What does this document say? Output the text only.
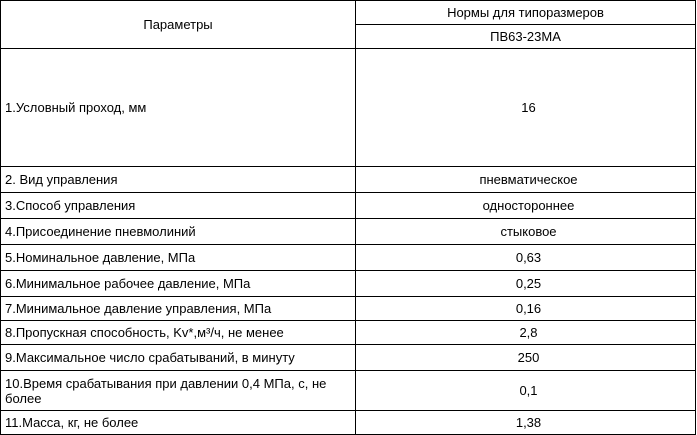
Параметры
Нормы для типоразмеров
ПВ63-23МА
1.Условный проход, мм	16
2. Вид управления	пневматическое
3.Способ управления	одностороннее
4.Присоединение пневмолиний	стыковое
5.Номинальное давление, МПа	0,63
6.Минимальное рабочее давление, МПа	0,25
7.Минимальное давление управления, МПа	0,16
8.Пропускная способность, Kv*,м³/ч, не менее	2,8
9.Максимальное число срабатываний, в минуту	250
10.Время срабатывания при давлении 0,4 МПа, с, не более	0,1
11.Масса, кг, не более	1,38
